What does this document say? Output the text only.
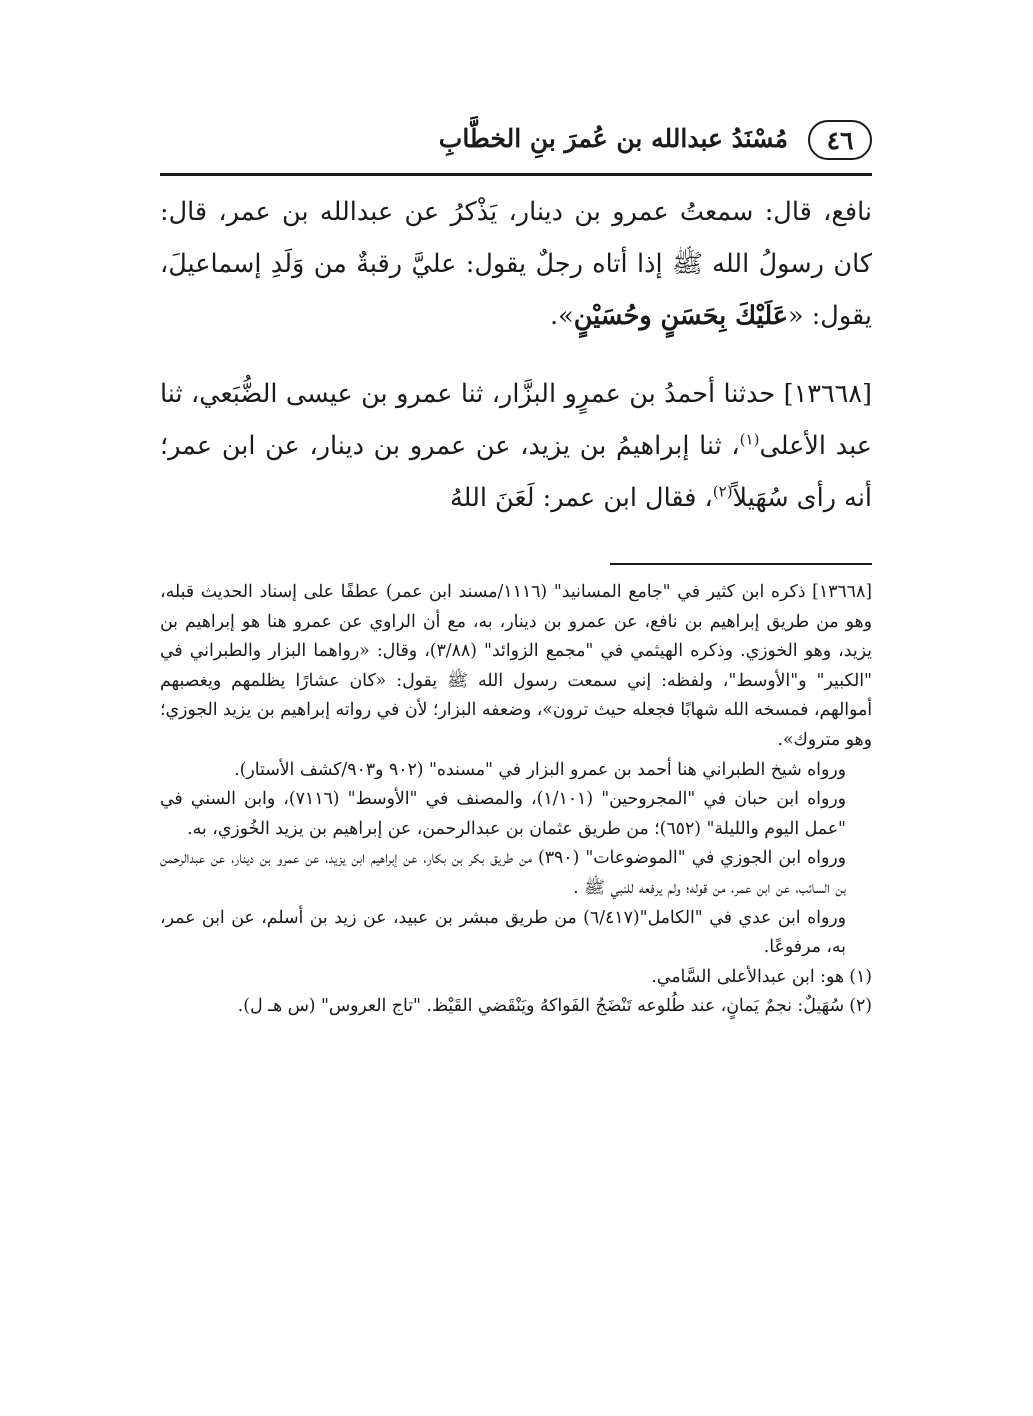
٤٦
مُسْنَدُ عبدالله بن عُمرَ بنِ الخطَّابِ

نافع، قال: سمعتُ عمرو بن دينار، يَذْكرُ عن عبدالله بن عمر، قال: كان رسولُ الله ﷺ إذا أتاه رجلٌ يقول: عليَّ رقبةٌ من وَلَدِ إسماعيلَ، يقول: «عَلَيْكَ بِحَسَنٍ وحُسَيْنٍ».

[١٣٦٦٨] حدثنا أحمدُ بن عمرٍو البزَّار، ثنا عمرو بن عيسى الضُّبَعي، ثنا عبد الأعلى$^{(١)}$، ثنا إبراهيمُ بن يزيد، عن عمرو بن دينار، عن ابن عمر؛ أنه رأى سُهَيلاً$^{(٢)}$، فقال ابن عمر: لَعَنَ اللهُ

[١٣٦٦٨] ذكره ابن كثير في "جامع المسانيد" (١١١٦/مسند ابن عمر) عطفًا على إسناد الحديث قبله، وهو من طريق إبراهيم بن نافع، عن عمرو بن دينار، به، مع أن الراوي عن عمرو هنا هو إبراهيم بن يزيد، وهو الخوزي. وذكره الهيثمي في "مجمع الزوائد" (٣/٨٨)، وقال: «رواهما البزار والطبراني في "الكبير" و"الأوسط"، ولفظه: إني سمعت رسول الله ﷺ يقول: «كان عشارًا يظلمهم ويغصبهم أموالهم، فمسخه الله شهابًا فجعله حيث ترون»، وضعفه البزار؛ لأن في رواته إبراهيم بن يزيد الجوزي؛ وهو متروك».

ورواه شيخ الطبراني هنا أحمد بن عمرو البزار في "مسنده" (٩٠٢ و٩٠٣/كشف الأستار).

ورواه ابن حبان في "المجروحين" (١/١٠١)، والمصنف في "الأوسط" (٧١١٦)، وابن السني في "عمل اليوم والليلة" (٦٥٢)؛ من طريق عثمان بن عبدالرحمن، عن إبراهيم بن يزيد الخُوزي، به.

ورواه ابن الجوزي في "الموضوعات" (٣٩٠) من طريق بكر بن بكار، عن إبراهيم ابن يزيد، عن عمرو بن دينار، عن عبدالرحمن بن السائب، عن ابن عمر، من قوله؛ ولم يرفعه للنبي ﷺ .

ورواه ابن عدي في "الكامل"(٦/٤١٧) من طريق مبشر بن عبيد، عن زيد بن أسلم، عن ابن عمر، به، مرفوعًا.

(١)
هو: ابن عبدالأعلى السَّامي.
(٢)
سُهَيلٌ: نجمٌ يَمانٍ، عند طُلوعه تَنْضَجُ الفَواكهُ ويَنْقَضي القَيْظ. "تاج العروس" (س هـ ل).
